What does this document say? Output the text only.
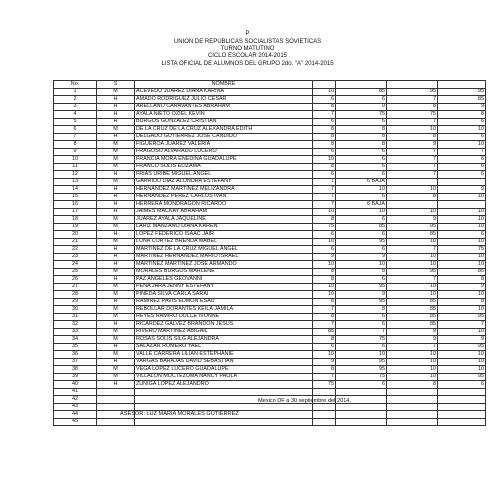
P
UNION DE REPUBLICAS SOCIALISTAS SOVIETICAS
TURNO MATUTINO
CICLO ESCOLAR 2014-2015
LISTA OFICIAL DE ALUMNOS DEL GRUPO 2do. "A" 2014-2015
No.	S	NOMBRE				
1	M	ACEVEDO JUAREZ DIANA KARINA	10	85	95	95
2	H	AMADO RODRIGUEZ JULIO CESAR	6	6	7	85
3	H	ARELLANO CARAVANTES ABRAHAM	8	9	8	9
4	H	AYALA NIETO OZIEL KEVIN	7	75	75	8
5	H	BURGOS GONZALEZ CRISTIAN	6	6	7	6
6	M	DE LA CRUZ DE LA CRUZ ALEXANDRA EDITH	8	8	10	10
7	H	DELGADO GUTIERREZ JOSE CANDIDO	8	8	8	6
8	M	FIGUEROA JUAREZ VALERIA	8	8	9	10
9	M	FRAGOSO ALVARADO LUCERO	6	6	7	7
10	M	FRANCIA MORA ENEDINA GUADALUPE	10	6	7	6
11	M	FRANCO SOLIS ELIZAMA	8	6	7	6
12	H	FRIAS URIBE MIGUEL ANGEL	6	6	7	6
13	M	GARRIDO DIAZ ALONDRA ESTEFANY	7	6 BAJA		
14	H	HERNANDEZ MARTINEZ MELIZANDRA	7	10	10	9
15	H	HERNANDEZ PEREZ CARLOS IVAN	7	6	8	10
16	H	HERRERA MONDRAGON RICARDO	7	6 BAJA		
17	H	JAIMES MACKAY ABRAHAM	10	10	10	10
18	M	JUAREZ AYALA JAQUELINE	8	6	9	10
19	M	LARIZ MANZANO DIANA KAREN	75	85	95	10
20	H	LOPEZ FEDERICO ISAAC JAIR	6	6	85	6
21	M	LUNA CORTEZ BRENDA MABEL	10	95	10	10
22	H	MARTINEZ DE LA CRUZ MIGUEL ANGEL	6	6	7	75
23	H	MARTINEZ HERNANDEZ MARIO ISRAEL	9	9	10	10
24	H	MARTINEZ MARTINEZ JOSE ARMANDO	10	10	10	10
25	M	MORALES BURGOS MARLENE	8	8	95	85
26	H	PAZ ANGELES GEOVANNI	8	6	7	8
27	M	PEÑA JARA JENNY ESTEFANY	10	95	10	9
28	M	PINEDA SILVA CARLA SARAI	10	9	10	10
29	H	RAMIREZ PAVIS EDMON ESAU	8	95	85	8
30	M	REBOLLAR DORANTES KEILA JAMILA	7	8	85	10
31	M	REYES RAMIRO DULCE IVONNE	8	6	85	95
32	H	RICARDEZ GALVEZ BRANDON JESUS	7	6	85	7
33	M	RIVERO MARTINEZ ABIGAIL	85	7	9	10
34	M	ROSAS SOLIS SILG ALEJANDRA	8	75	9	9
35	H	SALAZAR ROMERO YAEL	6	6	7	95
36	M	VALLE CARRERA LILIAN ESTEPHANIE	10	10	10	10
37	H	VARGAS BARAJAS DAVID SEBASTIAN	9	95	10	10
38	M	VEGA LOPEZ LUCERO GUADALUPE	8	95	10	10
39	M	VILLALON MOCTEZUMA NANCY PAOLA	7	75	10	95
40	H	ZUÑIGA LOPEZ ALEJANDRO	75	6	8	6
41						
42						
43						
44						
45						
Mexico DF a 30 septiembre del 2014.
ASESOR: LUZ MARIA MORALES GUTIERREZ
